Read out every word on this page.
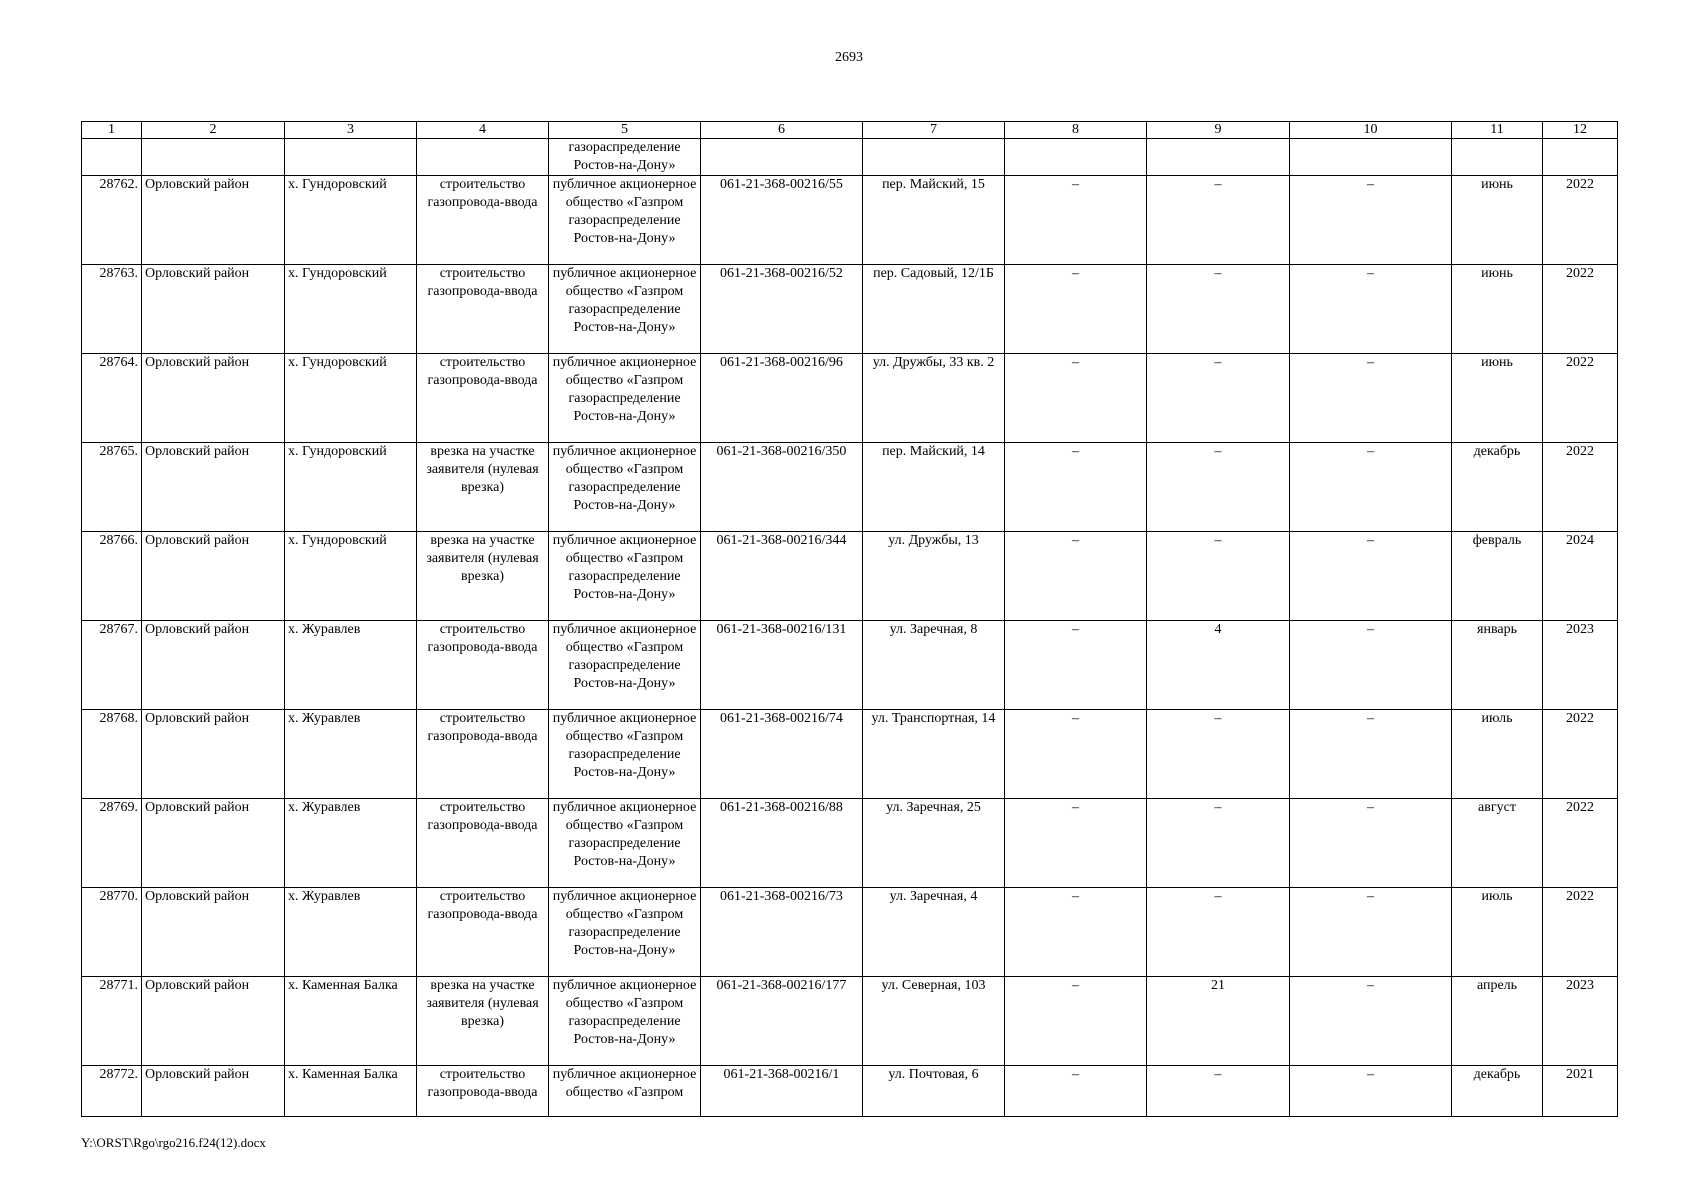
2693
1	2	3	4	5	6	7	8	9	10	11	12
				газораспределение Ростов-на-Дону»							
28762.	Орловский район	х. Гундоровский	строительство газопровода-ввода	публичное акционерное общество «Газпром газораспределение Ростов-на-Дону»	061-21-368-00216/55	пер. Майский, 15	–	–	–	июнь	2022
28763.	Орловский район	х. Гундоровский	строительство газопровода-ввода	публичное акционерное общество «Газпром газораспределение Ростов-на-Дону»	061-21-368-00216/52	пер. Садовый, 12/1Б	–	–	–	июнь	2022
28764.	Орловский район	х. Гундоровский	строительство газопровода-ввода	публичное акционерное общество «Газпром газораспределение Ростов-на-Дону»	061-21-368-00216/96	ул. Дружбы, 33 кв. 2	–	–	–	июнь	2022
28765.	Орловский район	х. Гундоровский	врезка на участке заявителя (нулевая врезка)	публичное акционерное общество «Газпром газораспределение Ростов-на-Дону»	061-21-368-00216/350	пер. Майский, 14	–	–	–	декабрь	2022
28766.	Орловский район	х. Гундоровский	врезка на участке заявителя (нулевая врезка)	публичное акционерное общество «Газпром газораспределение Ростов-на-Дону»	061-21-368-00216/344	ул. Дружбы, 13	–	–	–	февраль	2024
28767.	Орловский район	х. Журавлев	строительство газопровода-ввода	публичное акционерное общество «Газпром газораспределение Ростов-на-Дону»	061-21-368-00216/131	ул. Заречная, 8	–	4	–	январь	2023
28768.	Орловский район	х. Журавлев	строительство газопровода-ввода	публичное акционерное общество «Газпром газораспределение Ростов-на-Дону»	061-21-368-00216/74	ул. Транспортная, 14	–	–	–	июль	2022
28769.	Орловский район	х. Журавлев	строительство газопровода-ввода	публичное акционерное общество «Газпром газораспределение Ростов-на-Дону»	061-21-368-00216/88	ул. Заречная, 25	–	–	–	август	2022
28770.	Орловский район	х. Журавлев	строительство газопровода-ввода	публичное акционерное общество «Газпром газораспределение Ростов-на-Дону»	061-21-368-00216/73	ул. Заречная, 4	–	–	–	июль	2022
28771.	Орловский район	х. Каменная Балка	врезка на участке заявителя (нулевая врезка)	публичное акционерное общество «Газпром газораспределение Ростов-на-Дону»	061-21-368-00216/177	ул. Северная, 103	–	21	–	апрель	2023
28772.	Орловский район	х. Каменная Балка	строительство газопровода-ввода	публичное акционерное общество «Газпром	061-21-368-00216/1	ул. Почтовая, 6	–	–	–	декабрь	2021
Y:\ORST\Rgo\rgo216.f24(12).docx
